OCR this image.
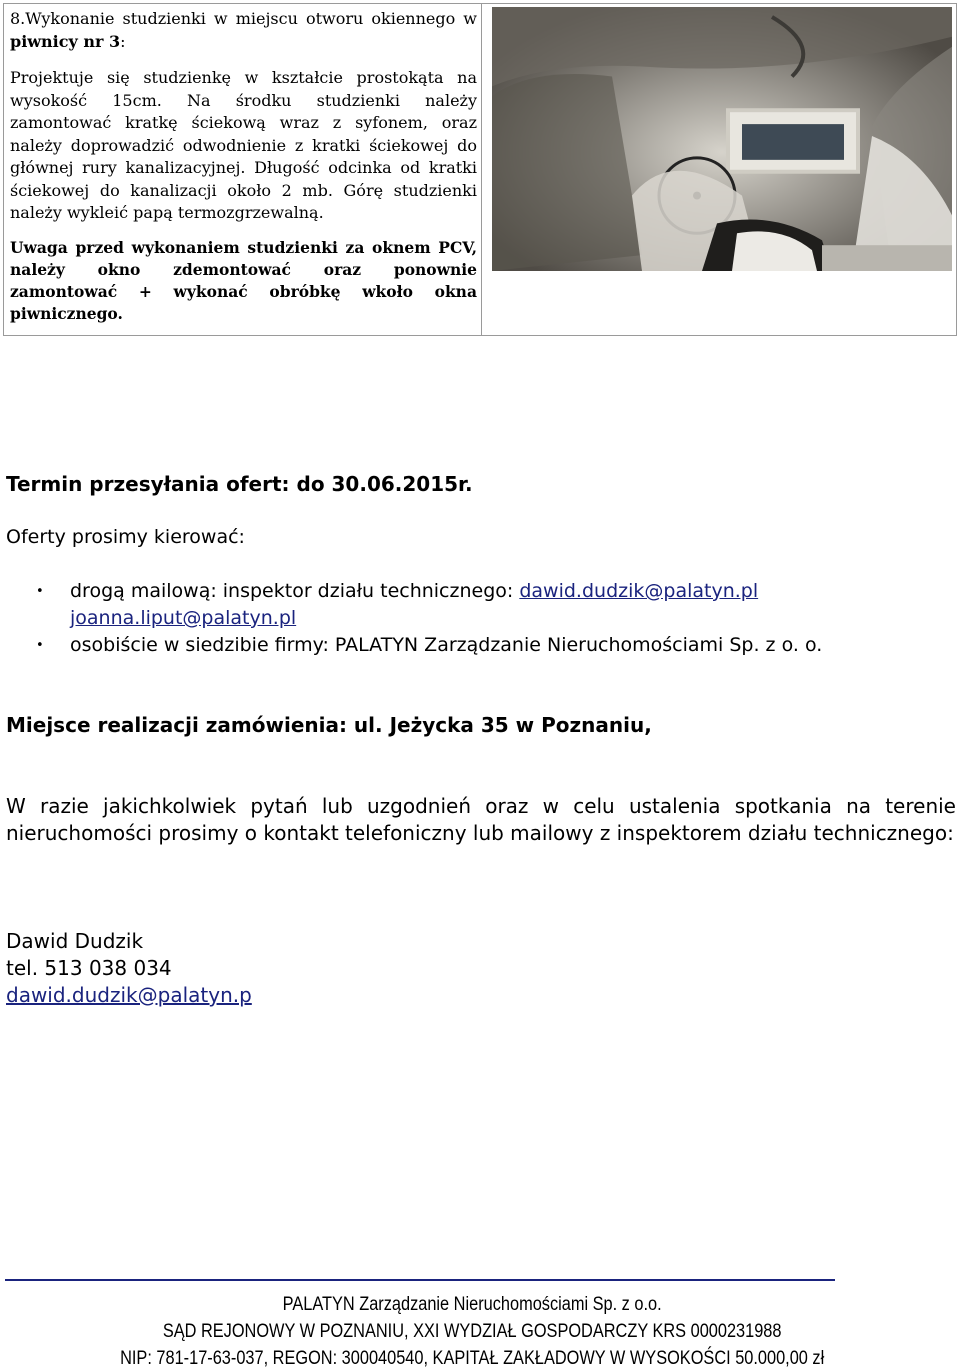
8.Wykonanie studzienki w miejscu otworu okiennego w piwnicy nr 3:

Projektuje się studzienkę w kształcie prostokąta na wysokość 15cm. Na środku studzienki należy zamontować kratkę ściekową wraz z syfonem, oraz należy doprowadzić odwodnienie z kratki ściekowej do głównej rury kanalizacyjnej. Długość odcinka od kratki ściekowej do kanalizacji około 2 mb. Górę studzienki należy wykleić papą termozgrzewalną.

Uwaga przed wykonaniem studzienki za oknem PCV, należy okno zdemontować oraz ponownie zamontować + wykonać obróbkę wkoło okna piwnicznego.

Termin przesyłania ofert: do 30.06.2015r.

Oferty prosimy kierować:

• drogą mailową: inspektor działu technicznego: dawid.dudzik@palatyn.pl
joanna.liput@palatyn.pl
• osobiście w siedzibie firmy: PALATYN Zarządzanie Nieruchomościami Sp. z o. o.

Miejsce realizacji zamówienia: ul. Jeżycka 35 w Poznaniu,

W razie jakichkolwiek pytań lub uzgodnień oraz w celu ustalenia spotkania na terenie nieruchomości prosimy o kontakt telefoniczny lub mailowy z inspektorem działu technicznego:

Dawid Dudzik
tel. 513 038 034
dawid.dudzik@palatyn.p

PALATYN Zarządzanie Nieruchomościami Sp. z o.o.
SĄD REJONOWY W POZNANIU, XXI WYDZIAŁ GOSPODARCZY KRS 0000231988
NIP: 781-17-63-037, REGON: 300040540, KAPITAŁ ZAKŁADOWY W WYSOKOŚCI 50.000,00 zł
